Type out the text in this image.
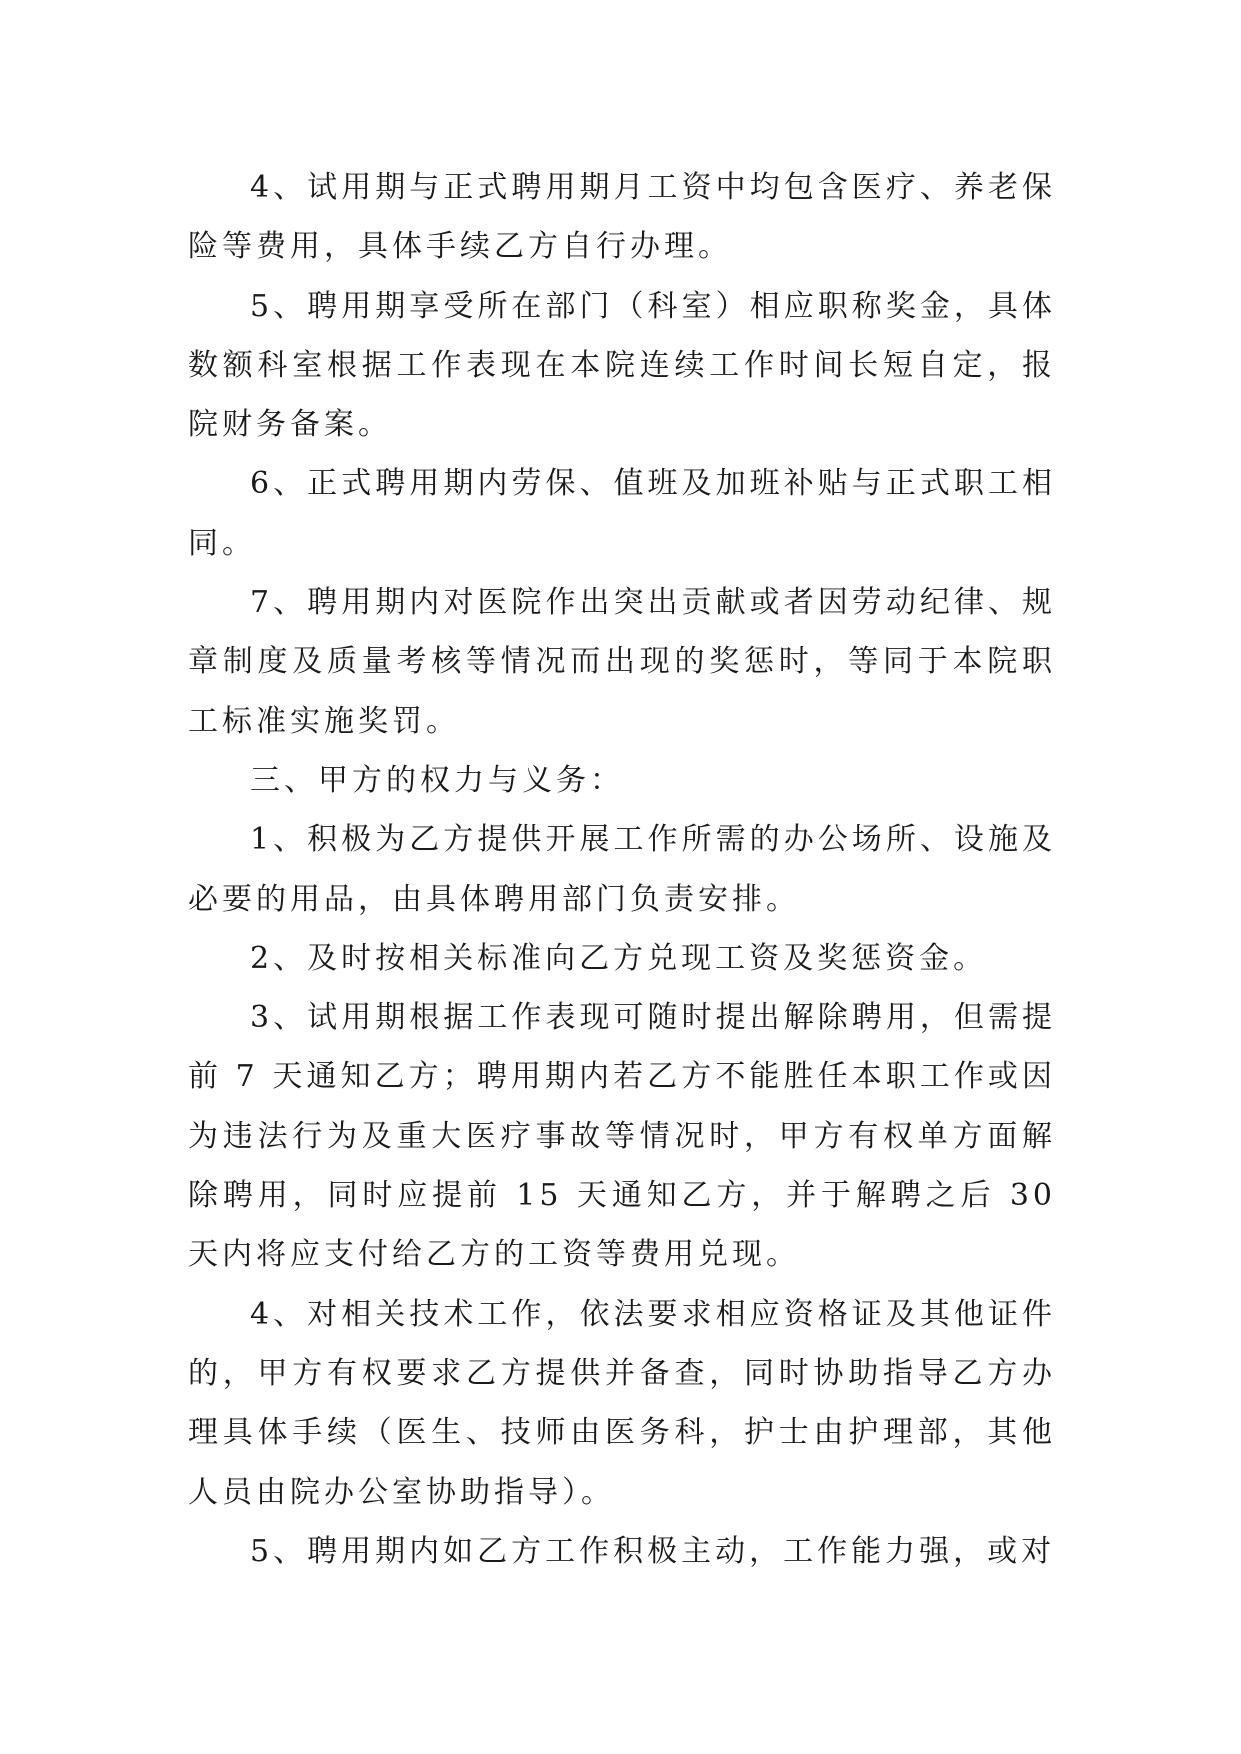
4、试用期与正式聘用期月工资中均包含医疗、养老保险等费用，具体手续乙方自行办理。

5、聘用期享受所在部门（科室）相应职称奖金，具体数额科室根据工作表现在本院连续工作时间长短自定，报院财务备案。

6、正式聘用期内劳保、值班及加班补贴与正式职工相同。

7、聘用期内对医院作出突出贡献或者因劳动纪律、规章制度及质量考核等情况而出现的奖惩时，等同于本院职工标准实施奖罚。

三、甲方的权力与义务：

1、积极为乙方提供开展工作所需的办公场所、设施及必要的用品，由具体聘用部门负责安排。

2、及时按相关标准向乙方兑现工资及奖惩资金。

3、试用期根据工作表现可随时提出解除聘用，但需提前 7 天通知乙方；聘用期内若乙方不能胜任本职工作或因为违法行为及重大医疗事故等情况时，甲方有权单方面解除聘用，同时应提前 15 天通知乙方，并于解聘之后 30 天内将应支付给乙方的工资等费用兑现。

4、对相关技术工作，依法要求相应资格证及其他证件的，甲方有权要求乙方提供并备查，同时协助指导乙方办理具体手续（医生、技师由医务科，护士由护理部，其他人员由院办公室协助指导）。

5、聘用期内如乙方工作积极主动，工作能力强，或对
